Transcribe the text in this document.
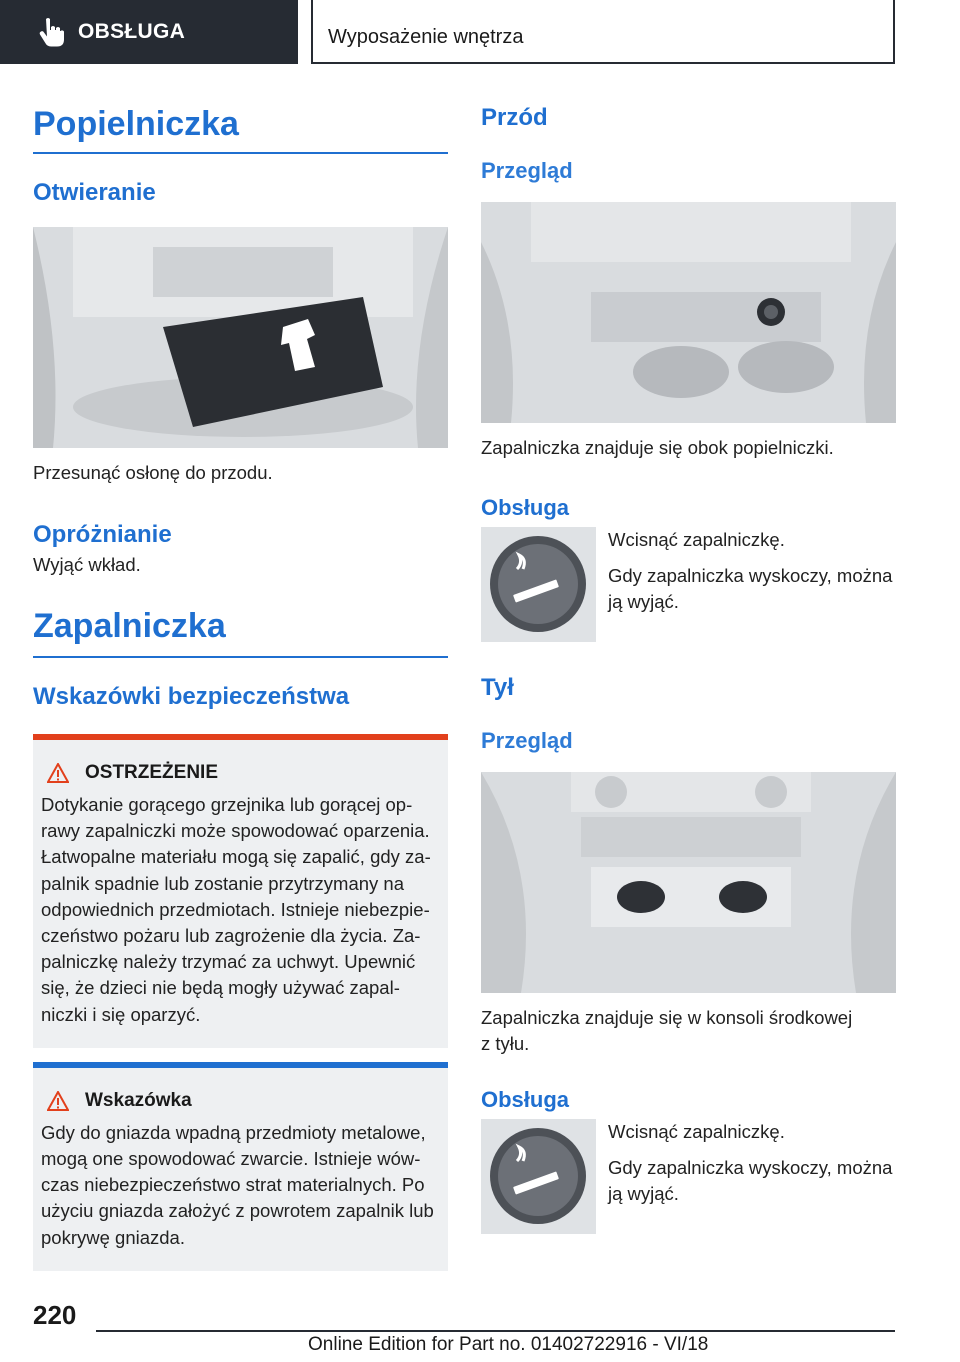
OBSŁUGA	Wyposażenie wnętrza
Popielniczka
Otwieranie
Przesunąć osłonę do przodu.
Opróżnianie
Wyjąć wkład.
Zapalniczka
Wskazówki bezpieczeństwa
OSTRZEŻENIE
Dotykanie gorącego grzejnika lub gorącej op-
rawy zapalniczki może spowodować oparzenia.
Łatwopalne materiału mogą się zapalić, gdy za-
palnik spadnie lub zostanie przytrzymany na
odpowiednich przedmiotach. Istnieje niebezpie-
czeństwo pożaru lub zagrożenie dla życia. Za-
palniczkę należy trzymać za uchwyt. Upewnić
się, że dzieci nie będą mogły używać zapal-
niczki i się oparzyć.
Wskazówka
Gdy do gniazda wpadną przedmioty metalowe,
mogą one spowodować zwarcie. Istnieje wów-
czas niebezpieczeństwo strat materialnych. Po
użyciu gniazda założyć z powrotem zapalnik lub
pokrywę gniazda.
Przód
Przegląd
Zapalniczka znajduje się obok popielniczki.
Obsługa
Wcisnąć zapalniczkę.
Gdy zapalniczka wyskoczy, można
ją wyjąć.
Tył
Przegląd
Zapalniczka znajduje się w konsoli środkowej
z tyłu.
Obsługa
Wcisnąć zapalniczkę.
Gdy zapalniczka wyskoczy, można
ją wyjąć.
220
Online Edition for Part no. 01402722916 - VI/18
